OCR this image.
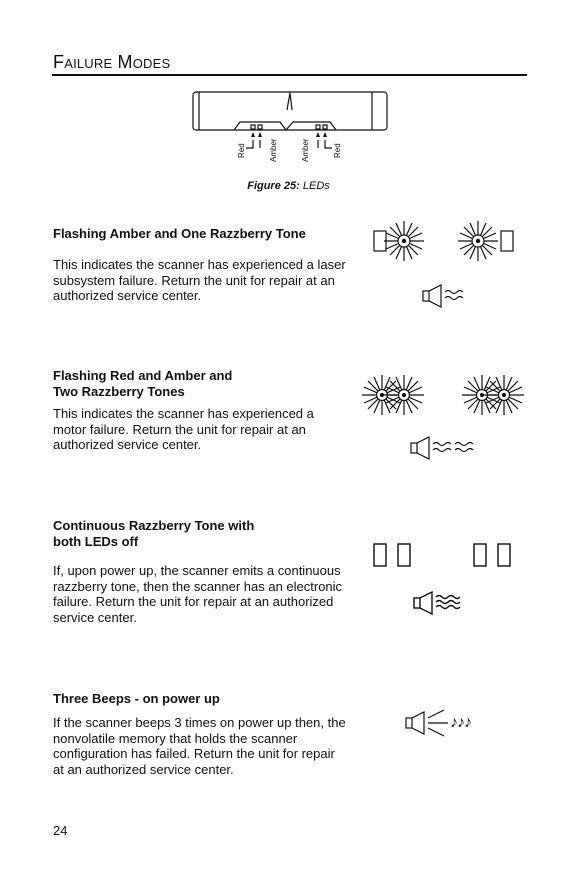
Failure Modes
Red	Amber	Amber	Red
Figure 25: LEDs
Flashing Amber and One Razzberry Tone

This indicates the scanner has experienced a laser subsystem failure. Return the unit for repair at an authorized service center.

Flashing Red and Amber and
Two Razzberry Tones

This indicates the scanner has experienced a motor failure. Return the unit for repair at an authorized service center.

Continuous Razzberry Tone with
both LEDs off

If, upon power up, the scanner emits a continuous razzberry tone, then the scanner has an electronic failure. Return the unit for repair at an authorized service center.

Three Beeps - on power up

If the scanner beeps 3 times on power up then, the nonvolatile memory that holds the scanner configuration has failed. Return the unit for repair at an authorized service center.

♪♪♪
24
